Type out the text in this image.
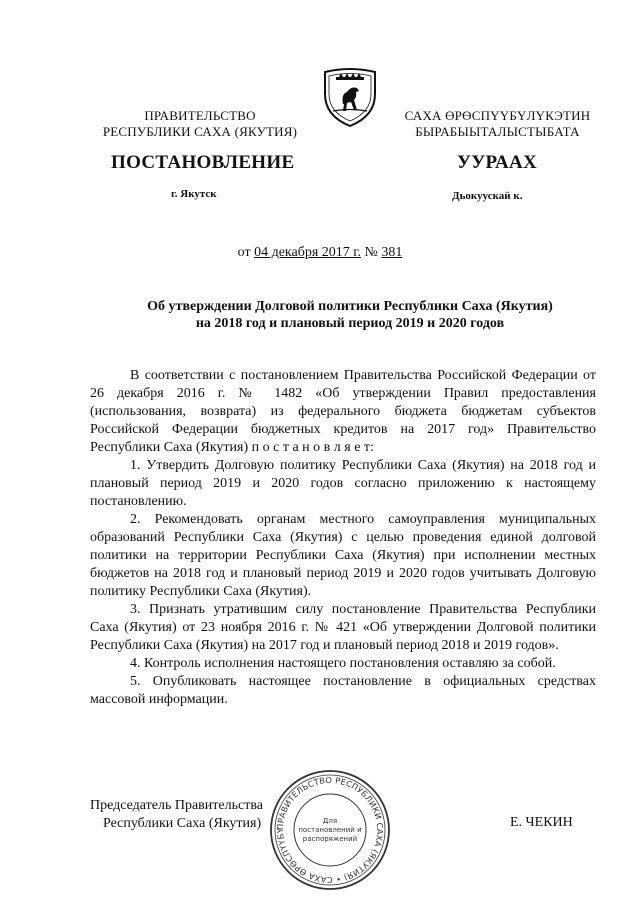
ПРАВИТЕЛЬСТВО
РЕСПУБЛИКИ САХА (ЯКУТИЯ)
САХА ӨРӨСПҮҮБҮЛҮКЭТИН
БЫРАБЫЫТАЛЫСТЫБАТА
ПОСТАНОВЛЕНИЕ	УУРААХ
г. Якутск	Дьокуускай к.
от 04 декабря 2017 г. № 381
Об утверждении Долговой политики Республики Саха (Якутия)
на 2018 год и плановый период 2019 и 2020 годов

В соответствии с постановлением Правительства Российской Федерации от 26 декабря 2016 г. № 1482 «Об утверждении Правил предоставления (использования, возврата) из федерального бюджета бюджетам субъектов Российской Федерации бюджетных кредитов на 2017 год» Правительство Республики Саха (Якутия) п о с т а н о в л я е т:

1. Утвердить Долговую политику Республики Саха (Якутия) на 2018 год и плановый период 2019 и 2020 годов согласно приложению к настоящему постановлению.

2. Рекомендовать органам местного самоуправления муниципальных образований Республики Саха (Якутия) с целью проведения единой долговой политики на территории Республики Саха (Якутия) при исполнении местных бюджетов на 2018 год и плановый период 2019 и 2020 годов учитывать Долговую политику Республики Саха (Якутия).

3. Признать утратившим силу постановление Правительства Республики Саха (Якутия) от 23 ноября 2016 г. № 421 «Об утверждении Долговой политики Республики Саха (Якутия) на 2017 год и плановый период 2018 и 2019 годов».

4. Контроль исполнения настоящего постановления оставляю за собой.

5. Опубликовать настоящее постановление в официальных средствах массовой информации.

Председатель Правительства
Республики Саха (Якутия)	ПРАВИТЕЛЬСТВО РЕСПУБЛИКИ САХА (ЯКУТИЯ) • САХА ӨРӨСПҮҮБҮ
Для
постановлений и
распоряжений
Е. ЧЕКИН
